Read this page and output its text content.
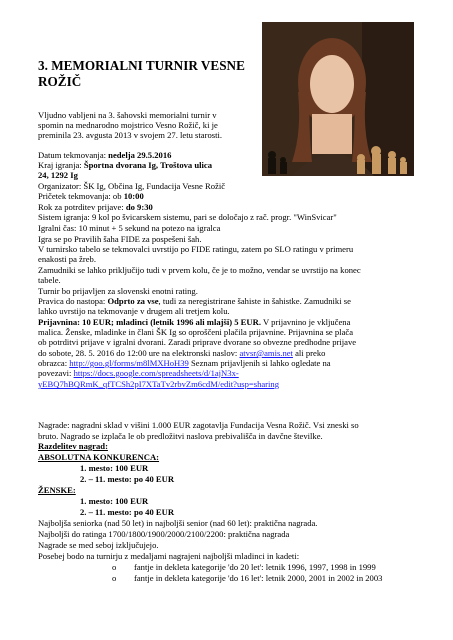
3. MEMORIALNI TURNIR VESNE
ROŽIČ
Vljudno vabljeni na 3. šahovski memorialni turnir v
spomin na mednarodno mojstrico Vesno Rožič, ki je
preminila 23. avgusta 2013 v svojem 27. letu starosti.
Datum tekmovanja: nedelja 29.5.2016
Kraj igranja: Športna dvorana Ig, Troštova ulica
24, 1292 Ig
Organizator: ŠK Ig, Občina Ig, Fundacija Vesne Rožič
Pričetek tekmovanja: ob 10:00
Rok za potrditev prijave: do 9:30
Sistem igranja: 9 kol po švicarskem sistemu, pari se določajo z rač. progr. "WinSvicar"
Igralni čas: 10 minut + 5 sekund na potezo na igralca
Igra se po Pravilih šaha FIDE za pospešeni šah.
V turnirsko tabelo se tekmovalci uvrstijo po FIDE ratingu, zatem po SLO ratingu v primeru
enakosti pa žreb.
Zamudniki se lahko priključijo tudi v prvem kolu, če je to možno, vendar se uvrstijo na konec
tabele.
Turnir bo prijavljen za slovenski enotni rating.
Pravica do nastopa: Odprto za vse, tudi za neregistrirane šahiste in šahistke. Zamudniki se
lahko uvrstijo na tekmovanje v drugem ali tretjem kolu.
Prijavnina: 10 EUR; mladinci (letnik 1996 ali mlajši) 5 EUR. V prijavnino je vključena
malica. Ženske, mladinke in člani ŠK Ig so oproščeni plačila prijavnine. Prijavnina se plača
ob potrditvi prijave v igralni dvorani. Zaradi priprave dvorane so obvezne predhodne prijave
do sobote, 28. 5. 2016 do 12:00 ure na elektronski naslov: atvsr@amis.net ali preko
obrazca: http://goo.gl/forms/m8lMXHoH39 Seznam prijavljenih si lahko ogledate na
povezavi: https://docs.google.com/spreadsheets/d/1ajN3x-
yEBQ7hBQRmK_qfTCSh2pI7XTaTv2rbvZm6cdM/edit?usp=sharing
Nagrade: nagradni sklad v višini 1.000 EUR zagotavlja Fundacija Vesna Rožič. Vsi zneski so
bruto. Nagrado se izplača le ob predložitvi naslova prebivališča in davčne številke.
Razdelitev nagrad:
ABSOLUTNA KONKURENCA:
1. mesto: 100 EUR
2. – 11. mesto: po 40 EUR
ŽENSKE:
1. mesto: 100 EUR
2. – 11. mesto: po 40 EUR
Najboljša seniorka (nad 50 let) in najboljši senior (nad 60 let): praktična nagrada.
Najboljši do ratinga 1700/1800/1900/2000/2100/2200: praktična nagrada
Nagrade se med seboj izključujejo.
Posebej bodo na turnirju z medaljami nagrajeni najboljši mladinci in kadeti:
o fantje in dekleta kategorije 'do 20 let': letnik 1996, 1997, 1998 in 1999
o fantje in dekleta kategorije 'do 16 let': letnik 2000, 2001 in 2002 in 2003
